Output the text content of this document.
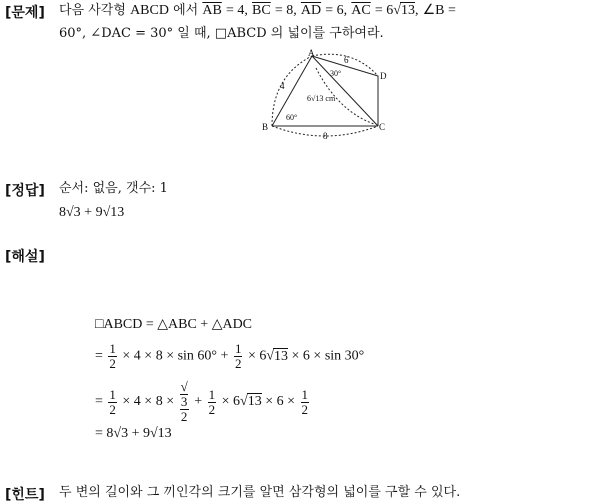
[문제] 다음 사각형 ABCD 에서 $\overline{AB} = 4$, $\overline{BC} = 8$, $\overline{AD} = 6$, $\overline{AC} = 6√13$, ∠B =
60°, ∠DAC = 30° 일 때, □ABCD 의 넓이를 구하여라.
A
B	C
D
4
6
8
6√13 cm
60°
30°
[정답] 순서: 없음, 갯수: 1
8√3 + 9√13
[해설]
□ABCD = △ABC + △ADC
= $\frac{1}{2} \times 4 \times 8 \times \sin 60^\circ + \frac{1}{2} \times 6√13 \times 6 \times \sin 30^\circ$
= $\frac{1}{2} \times 4 \times 8$ × √
3
$2 + \frac{1}{2} \times 6√13 \times 6 \times \frac{1}{2}$
= 8√3 + 9√13
[힌트] 두 변의 길이와 그 끼인각의 크기를 알면 삼각형의 넓이를 구할 수 있다.
